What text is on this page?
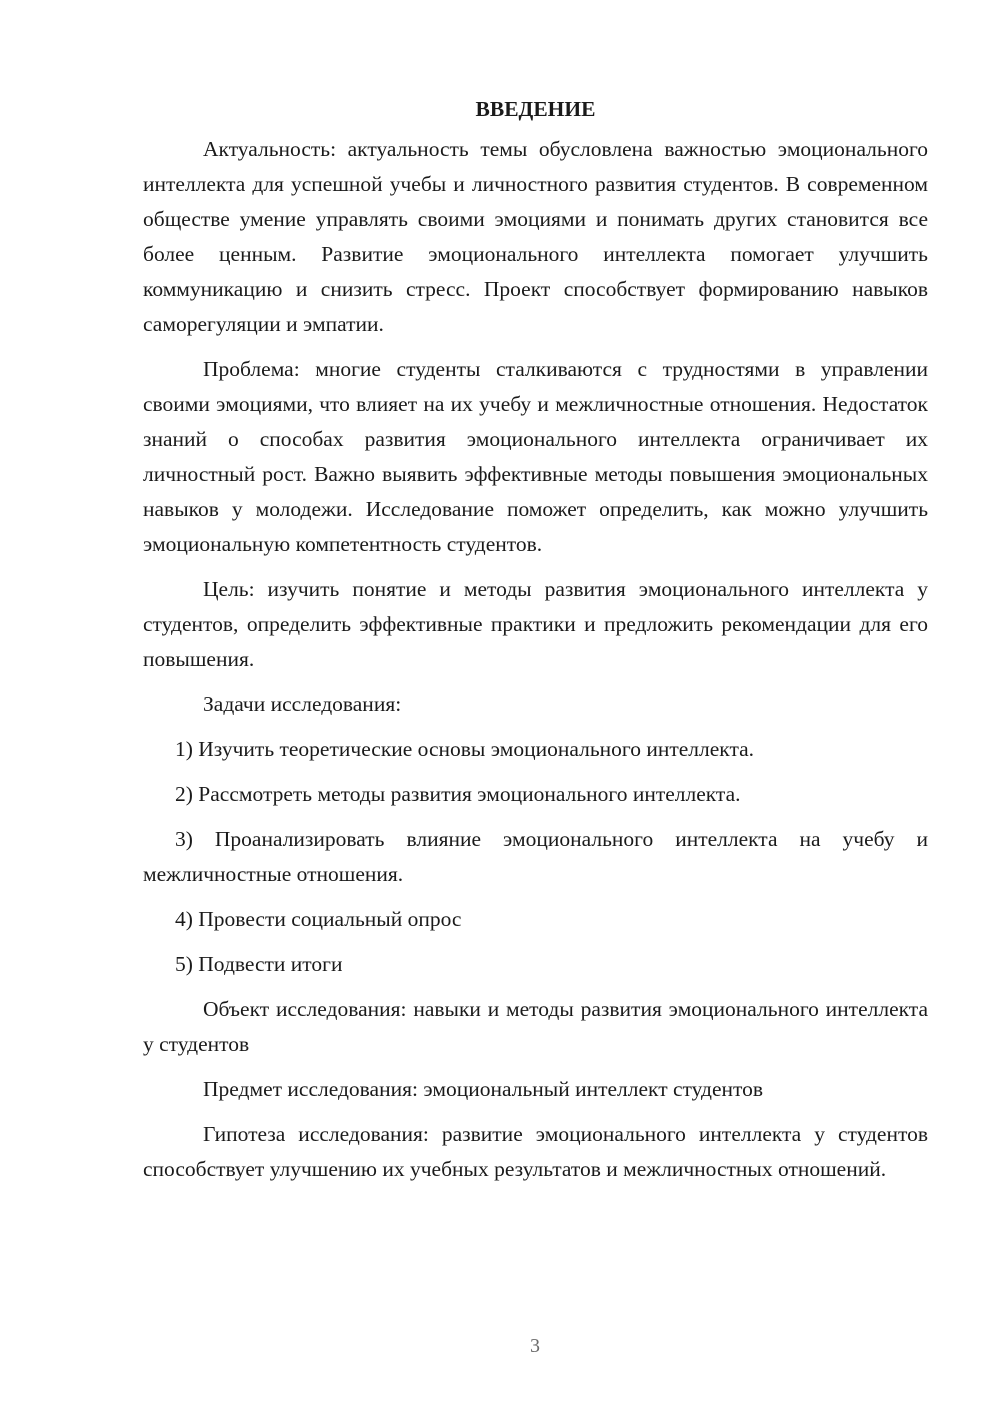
ВВЕДЕНИЕ

Актуальность: актуальность темы обусловлена важностью эмоционального интеллекта для успешной учебы и личностного развития студентов. В современном обществе умение управлять своими эмоциями и понимать других становится все более ценным. Развитие эмоционального интеллекта помогает улучшить коммуникацию и снизить стресс. Проект способствует формированию навыков саморегуляции и эмпатии.

Проблема: многие студенты сталкиваются с трудностями в управлении своими эмоциями, что влияет на их учебу и межличностные отношения. Недостаток знаний о способах развития эмоционального интеллекта ограничивает их личностный рост. Важно выявить эффективные методы повышения эмоциональных навыков у молодежи. Исследование поможет определить, как можно улучшить эмоциональную компетентность студентов.

Цель: изучить понятие и методы развития эмоционального интеллекта у студентов, определить эффективные практики и предложить рекомендации для его повышения.

Задачи исследования:

1) Изучить теоретические основы эмоционального интеллекта.

2) Рассмотреть методы развития эмоционального интеллекта.

3) Проанализировать влияние эмоционального интеллекта на учебу и межличностные отношения.

4) Провести социальный опрос

5) Подвести итоги

Объект исследования: навыки и методы развития эмоционального интеллекта у студентов

Предмет исследования: эмоциональный интеллект студентов

Гипотеза исследования: развитие эмоционального интеллекта у студентов способствует улучшению их учебных результатов и межличностных отношений.

3
